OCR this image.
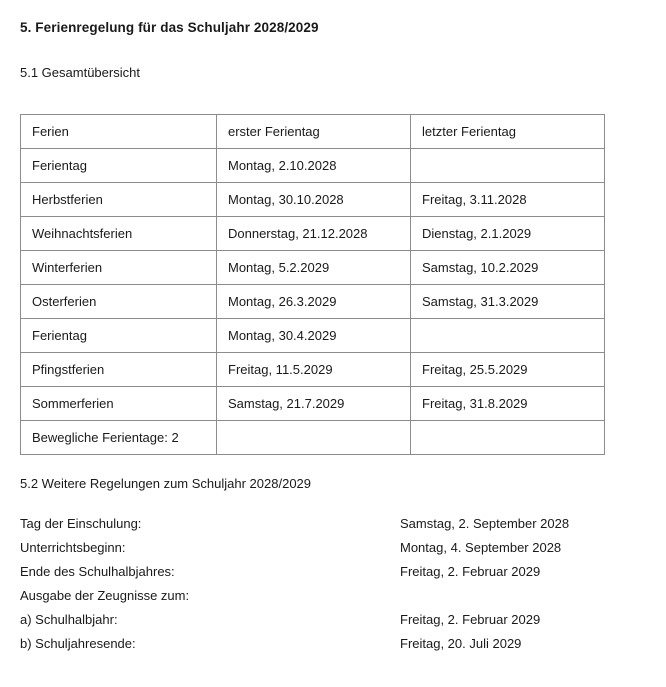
5. Ferienregelung für das Schuljahr 2028/2029
5.1 Gesamtübersicht
Ferien	erster Ferientag	letzter Ferientag
Ferientag	Montag, 2.10.2028	
Herbstferien	Montag, 30.10.2028	Freitag, 3.11.2028
Weihnachtsferien	Donnerstag, 21.12.2028	Dienstag, 2.1.2029
Winterferien	Montag, 5.2.2029	Samstag, 10.2.2029
Osterferien	Montag, 26.3.2029	Samstag, 31.3.2029
Ferientag	Montag, 30.4.2029	
Pfingstferien	Freitag, 11.5.2029	Freitag, 25.5.2029
Sommerferien	Samstag, 21.7.2029	Freitag, 31.8.2029
Bewegliche Ferientage: 2		
5.2 Weitere Regelungen zum Schuljahr 2028/2029
Tag der Einschulung:	Samstag, 2. September 2028
Unterrichtsbeginn:	Montag, 4. September 2028
Ende des Schulhalbjahres:	Freitag, 2. Februar 2029
Ausgabe der Zeugnisse zum:
a) Schulhalbjahr:	Freitag, 2. Februar 2029
b) Schuljahresende:	Freitag, 20. Juli 2029
